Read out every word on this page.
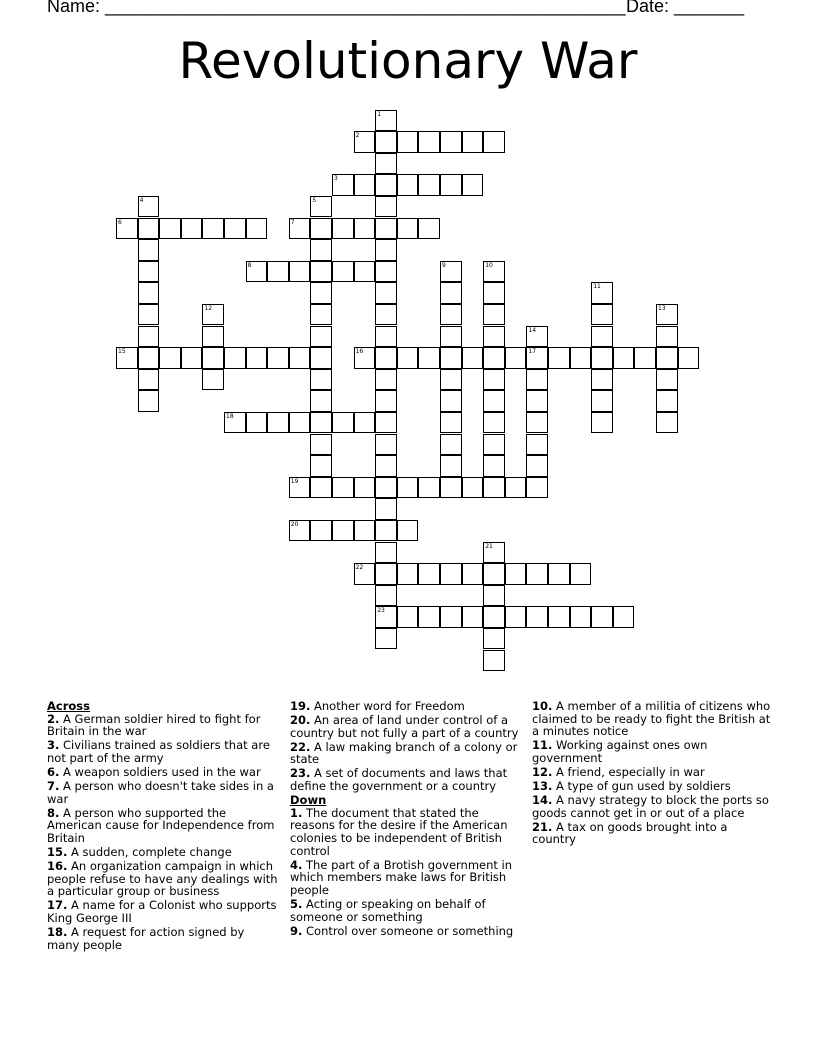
Name: ____________________________________________________ Date: _______
Revolutionary War
1
23
2
3
4	5
6	7
8	9	10
11
12	13
14
17
15	16
18
19
20
21
22
Across
2. A German soldier hired to fight for Britain in the war
3. Civilians trained as soldiers that are not part of the army
6. A weapon soldiers used in the war
7. A person who doesn't take sides in a war
8. A person who supported the American cause for Independence from Britain
15. A sudden, complete change
16. An organization campaign in which people refuse to have any dealings with a particular group or business
17. A name for a Colonist who supports King George III
18. A request for action signed by many people
19. Another word for Freedom
20. An area of land under control of a country but not fully a part of a country
22. A law making branch of a colony or state
23. A set of documents and laws that define the government or a country
Down
1. The document that stated the reasons for the desire if the American colonies to be independent of British control
4. The part of a Brotish government in which members make laws for British people
5. Acting or speaking on behalf of someone or something
9. Control over someone or something
10. A member of a militia of citizens who claimed to be ready to fight the British at a minutes notice
11. Working against ones own government
12. A friend, especially in war
13. A type of gun used by soldiers
14. A navy strategy to block the ports so goods cannot get in or out of a place
21. A tax on goods brought into a country
